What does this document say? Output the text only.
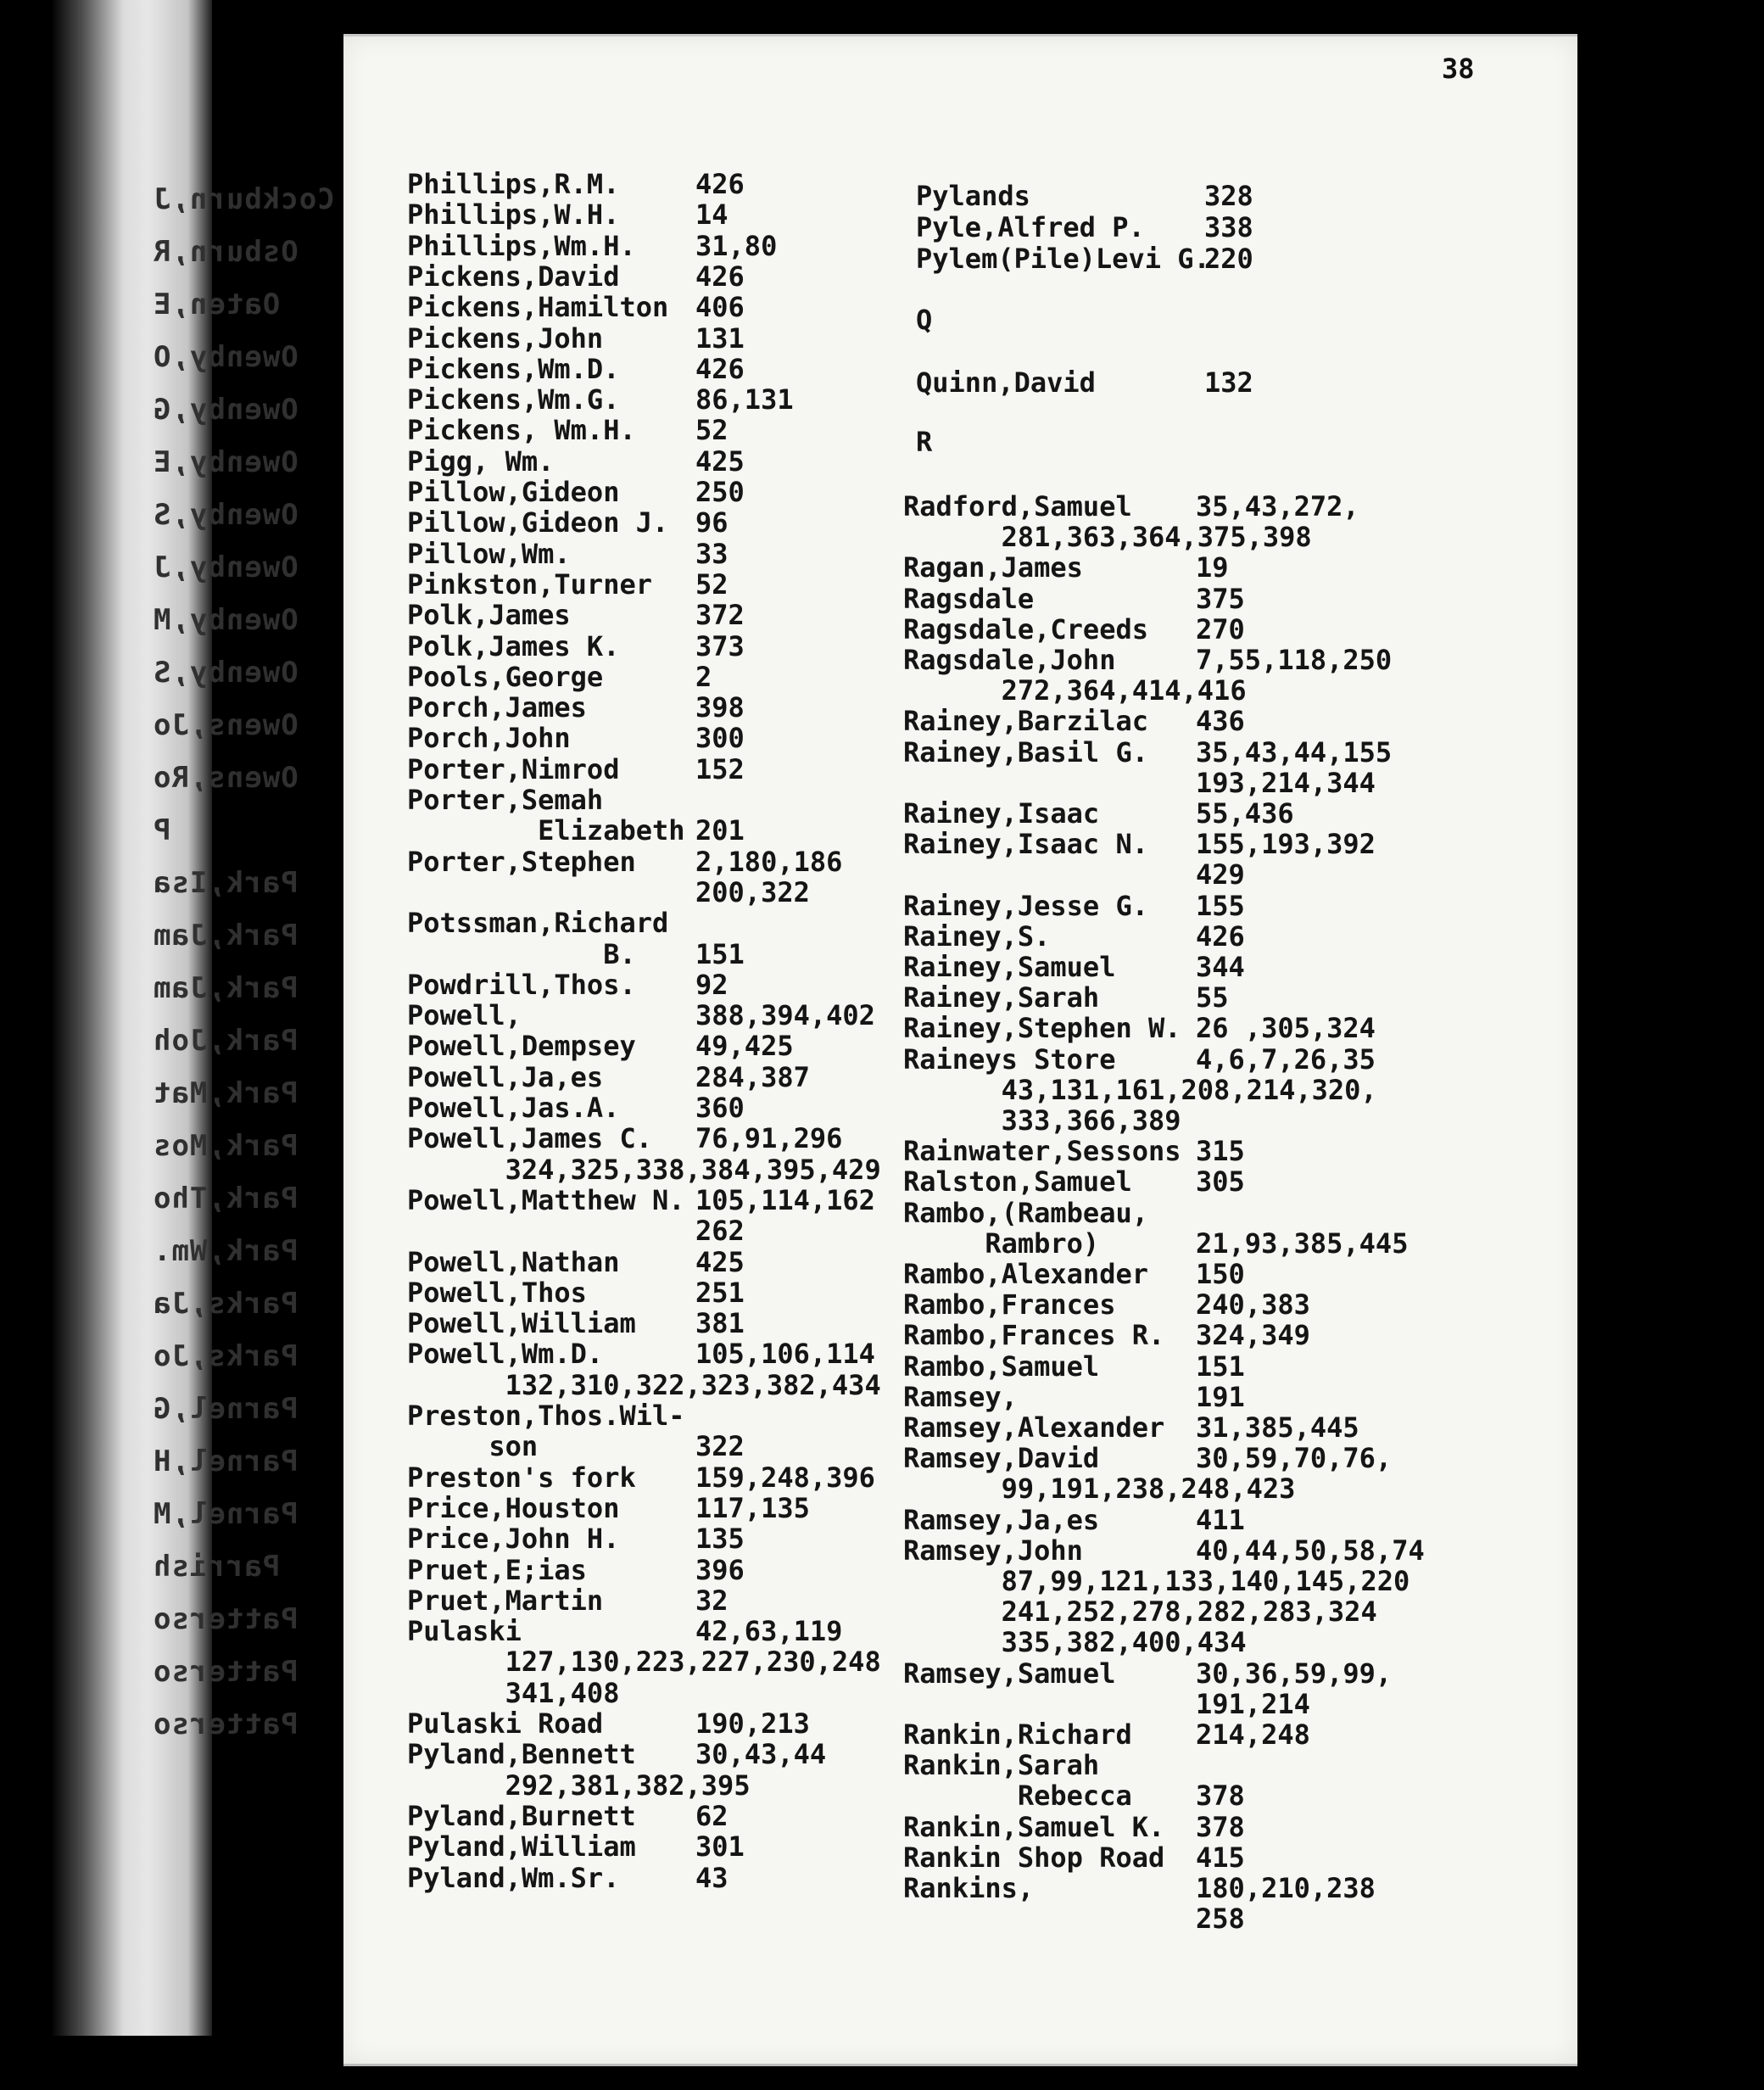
Cockburn,J
Osburn,R
Oaten,E
Owenby,O
Owenby,G
Owenby,E
Owenby,S
Owenby,J
Owenby,M
Owenby,S
Owens,Jo
Owens,Ro
P
Park,Isa
Park,Jam
Park,Jam
Park,Joh
Park,Mat
Park,Mos
Park,Tho
Park,Wm.
Parks,Ja
Parks,Jo
Parnel,G
Parnel,H
Parnel,M
Parrish
Patterso
Patterso
Patterso
38
Phillips,R.M.	426
Phillips,W.H.	14
Phillips,Wm.H. 31,80
Pickens,David	426
Pickens,Hamilton 406
Pickens,John	131
Pickens,Wm.D.	426
Pickens,Wm.G.	86,131
Pickens, Wm.H. 52
Pigg, Wm.	425
Pillow,Gideon	250
Pillow,Gideon J. 96
Pillow,Wm.	33
Pinkston,Turner 52
Polk,James	372
Polk,James K.	373
Pools,George	2
Porch,James	398
Porch,John	300
Porter,Nimrod	152
Porter,Semah
Elizabeth 201
Porter,Stephen 2,180,186
200,322
Potssman,Richard
B. 151
Powdrill,Thos. 92
Powell,	388,394,402
Powell,Dempsey 49,425
Powell,Ja,es	284,387
Powell,Jas.A.	360
Powell,James C. 76,91,296
324,325,338,384,395,429
Powell,Matthew N. 105,114,162
262
Powell,Nathan	425
Powell,Thos	251
Powell,William 381
Powell,Wm.D.	105,106,114
132,310,322,323,382,434
Preston,Thos.Wil-
son	322
Preston's fork 159,248,396
Price,Houston	117,135
Price,John H.	135
Pruet,E;ias	396
Pruet,Martin	32
Pulaski	42,63,119
127,130,223,227,230,248
341,408
Pulaski Road	190,213
Pyland,Bennett 30,43,44
292,381,382,395
Pyland,Burnett 62
Pyland,William 301
Pyland,Wm.Sr.	43
Pylands	328
Pyle,Alfred P. 338
Pylem(Pile)Levi G.
220
Q
Quinn,David	132
R
Radford,Samuel 35,43,272,
281,363,364,375,398
Ragan,James	19
Ragsdale	375
Ragsdale,Creeds 270
Ragsdale,John	7,55,118,250
272,364,414,416
Rainey,Barzilac 436
Rainey,Basil G. 35,43,44,155
193,214,344
Rainey,Isaac	55,436
Rainey,Isaac N. 155,193,392
429
Rainey,Jesse G. 155
Rainey,S.	426
Rainey,Samuel	344
Rainey,Sarah	55
Rainey,Stephen W. 26 ,305,324
Raineys Store	4,6,7,26,35
43,131,161,208,214,320,
333,366,389
Rainwater,Sessons 315
Ralston,Samuel 305
Rambo,(Rambeau,
Rambro)	21,93,385,445
Rambo,Alexander 150
Rambo,Frances	240,383
Rambo,Frances R. 324,349
Rambo,Samuel	151
Ramsey,	191
Ramsey,Alexander 31,385,445
Ramsey,David	30,59,70,76,
99,191,238,248,423
Ramsey,Ja,es	411
Ramsey,John	40,44,50,58,74
87,99,121,133,140,145,220
241,252,278,282,283,324
335,382,400,434
Ramsey,Samuel	30,36,59,99,
191,214
Rankin,Richard 214,248
Rankin,Sarah
Rebecca 378
Rankin,Samuel K. 378
Rankin Shop Road 415
Rankins,	180,210,238
258
